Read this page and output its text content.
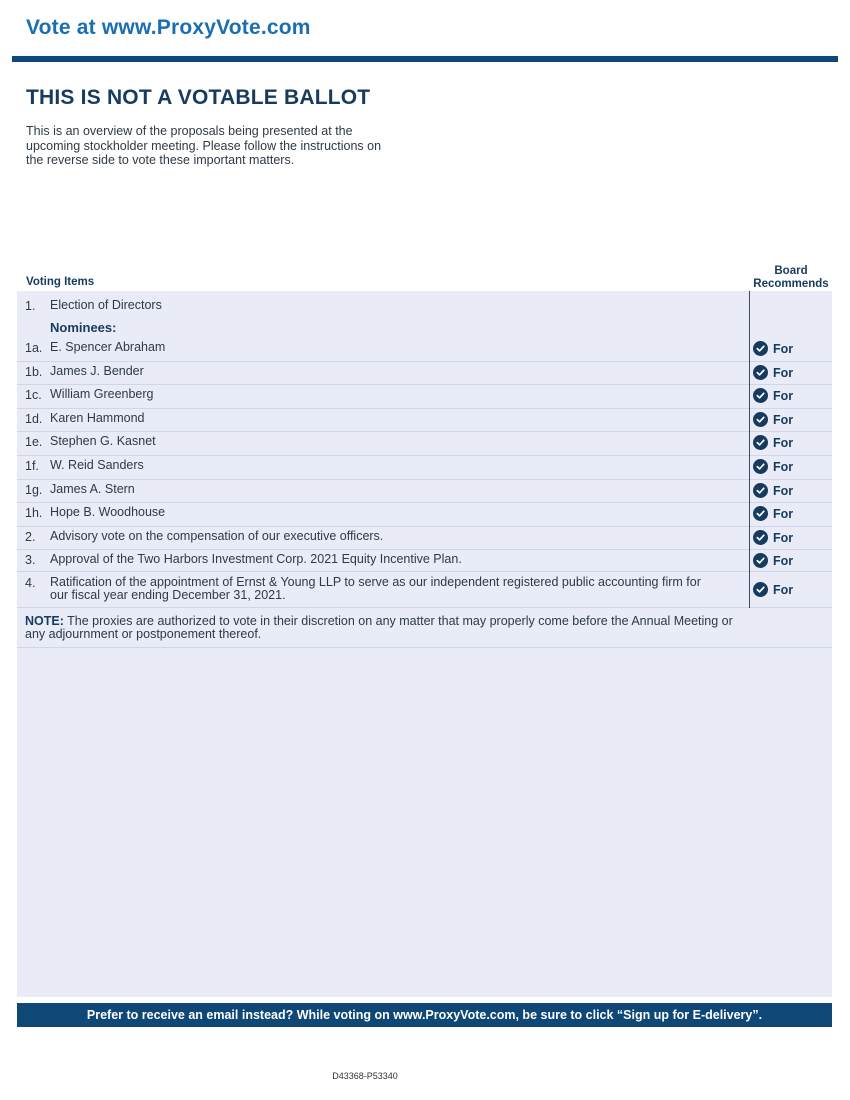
Vote at www.ProxyVote.com
THIS IS NOT A VOTABLE BALLOT
This is an overview of the proposals being presented at the
upcoming stockholder meeting. Please follow the instructions on
the reverse side to vote these important matters.
Voting Items
Board
Recommends
1. Election of Directors
Nominees:
1a. E. Spencer Abraham	For
1b. James J. Bender	For
1c. William Greenberg	For
1d. Karen Hammond	For
1e. Stephen G. Kasnet	For
1f. W. Reid Sanders	For
1g. James A. Stern	For
1h. Hope B. Woodhouse	For
2. Advisory vote on the compensation of our executive officers.	For
3. Approval of the Two Harbors Investment Corp. 2021 Equity Incentive Plan.	For
4. Ratification of the appointment of Ernst & Young LLP to serve as our independent registered public accounting firm for
our fiscal year ending December 31, 2021.	For
NOTE: The proxies are authorized to vote in their discretion on any matter that may properly come before the Annual Meeting or any adjournment or postponement thereof.
Prefer to receive an email instead? While voting on www.ProxyVote.com, be sure to click “Sign up for E-delivery”.
D43368-P53340
